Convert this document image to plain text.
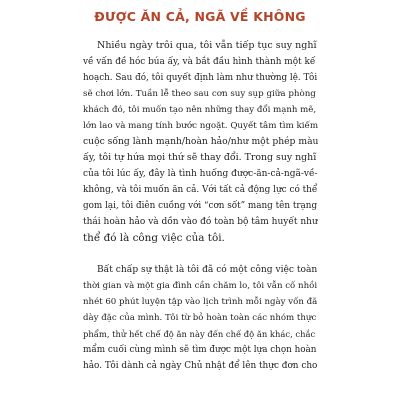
ĐƯỢC ĂN CẢ, NGÃ VỀ KHÔNG
Nhiều ngày trôi qua, tôi vẫn tiếp tục suy nghĩ
về vấn đề hóc búa ấy, và bắt đầu hình thành một kế
hoạch. Sau đó, tôi quyết định làm như thường lệ. Tôi
sẽ chơi lớn. Tuần lễ theo sau cơn suy sụp giữa phòng
khách đó, tôi muốn tạo nên những thay đổi mạnh mẽ,
lớn lao và mang tính bước ngoặt. Quyết tâm tìm kiếm
cuộc sống lành mạnh/hoàn hảo/như một phép màu
ấy, tôi tự hứa mọi thứ sẽ thay đổi. Trong suy nghĩ
của tôi lúc ấy, đây là tình huống được-ăn-cả-ngã-về-
không, và tôi muốn ăn cả. Với tất cả động lực có thể
gom lại, tôi điên cuồng với “cơn sốt” mang tên trạng
thái hoàn hảo và dồn vào đó toàn bộ tâm huyết như
thể đó là công việc của tôi.
Bất chấp sự thật là tôi đã có một công việc toàn
thời gian và một gia đình cần chăm lo, tôi vẫn cố nhồi
nhét 60 phút luyện tập vào lịch trình mỗi ngày vốn đã
dày đặc của mình. Tôi từ bỏ hoàn toàn các nhóm thực
phẩm, thử hết chế độ ăn này đến chế độ ăn khác, chắc
mẩm cuối cùng mình sẽ tìm được một lựa chọn hoàn
hảo. Tôi dành cả ngày Chủ nhật để lên thực đơn cho
